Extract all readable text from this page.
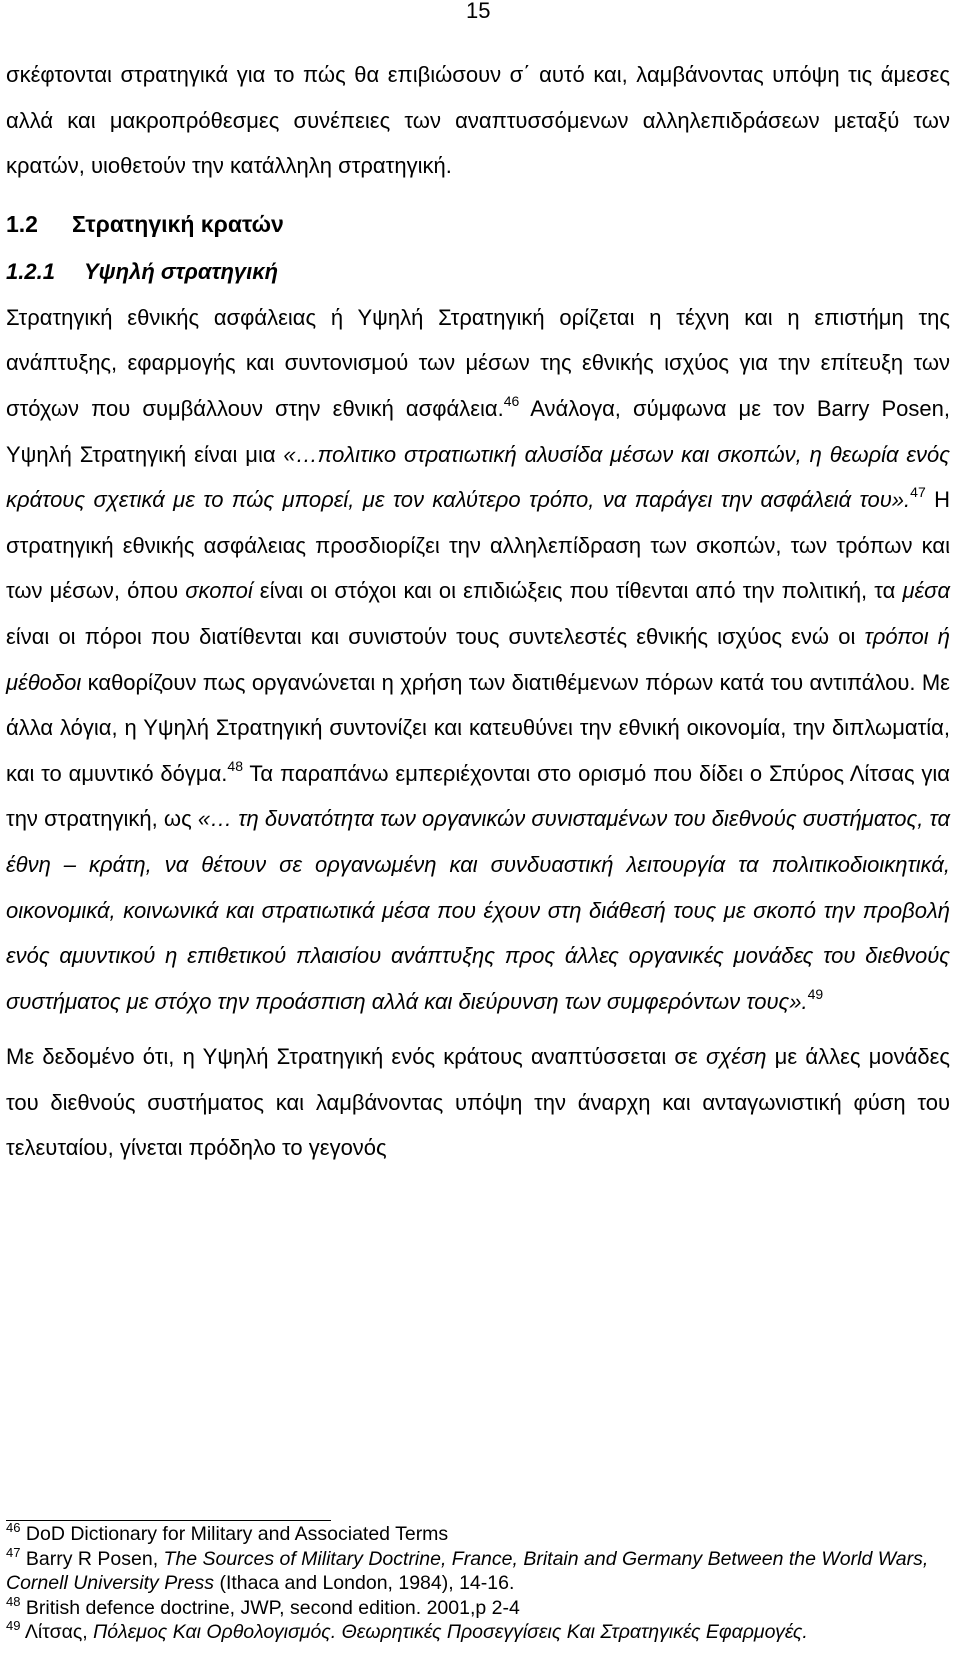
15

σκέφτονται στρατηγικά για το πώς θα επιβιώσουν σ΄ αυτό και, λαμβάνοντας υπόψη τις άμεσες αλλά και μακροπρόθεσμες συνέπειες των αναπτυσσόμενων αλληλεπιδράσεων μεταξύ των κρατών, υιοθετούν την κατάλληλη στρατηγική.

1.2 Στρατηγική κρατών
1.2.1 Υψηλή στρατηγική

Στρατηγική εθνικής ασφάλειας ή Υψηλή Στρατηγική ορίζεται η τέχνη και η επιστήμη της ανάπτυξης, εφαρμογής και συντονισμού των μέσων της εθνικής ισχύος για την επίτευξη των στόχων που συμβάλλουν στην εθνική ασφάλεια.$^{46}$ Ανάλογα, σύμφωνα με τον Barry Posen, Υψηλή Στρατηγική είναι μια «…πολιτικο στρατιωτική αλυσίδα μέσων και σκοπών, η θεωρία ενός κράτους σχετικά με το πώς μπορεί, με τον καλύτερο τρόπο, να παράγει την ασφάλειά του».$^{47}$ Η στρατηγική εθνικής ασφάλειας προσδιορίζει την αλληλεπίδραση των σκοπών, των τρόπων και των μέσων, όπου σκοποί είναι οι στόχοι και οι επιδιώξεις που τίθενται από την πολιτική, τα μέσα είναι οι πόροι που διατίθενται και συνιστούν τους συντελεστές εθνικής ισχύος ενώ οι τρόποι ή μέθοδοι καθορίζουν πως οργανώνεται η χρήση των διατιθέμενων πόρων κατά του αντιπάλου. Με άλλα λόγια, η Υψηλή Στρατηγική συντονίζει και κατευθύνει την εθνική οικονομία, την διπλωματία, και το αμυντικό δόγμα.$^{48}$ Τα παραπάνω εμπεριέχονται στο ορισμό που δίδει ο Σπύρος Λίτσας για την στρατηγική, ως «… τη δυνατότητα των οργανικών συνισταμένων του διεθνούς συστήματος, τα έθνη – κράτη, να θέτουν σε οργανωμένη και συνδυαστική λειτουργία τα πολιτικοδιοικητικά, οικονομικά, κοινωνικά και στρατιωτικά μέσα που έχουν στη διάθεσή τους με σκοπό την προβολή ενός αμυντικού η επιθετικού πλαισίου ανάπτυξης προς άλλες οργανικές μονάδες του διεθνούς συστήματος με στόχο την προάσπιση αλλά και διεύρυνση των συμφερόντων τους».$^{49}$

Με δεδομένο ότι, η Υψηλή Στρατηγική ενός κράτους αναπτύσσεται σε σχέση με άλλες μονάδες του διεθνούς συστήματος και λαμβάνοντας υπόψη την άναρχη και ανταγωνιστική φύση του τελευταίου, γίνεται πρόδηλο το γεγονός

$^{46}$ DoD Dictionary for Military and Associated Terms

$^{47}$ Barry R Posen, The Sources of Military Doctrine, France, Britain and Germany Between the World Wars, Cornell University Press (Ithaca and London, 1984), 14-16.

$^{48}$ British defence doctrine, JWP, second edition. 2001,p 2-4

$^{49}$ Λίτσας, Πόλεμος Και Ορθολογισμός. Θεωρητικές Προσεγγίσεις Και Στρατηγικές Εφαρμογές.
